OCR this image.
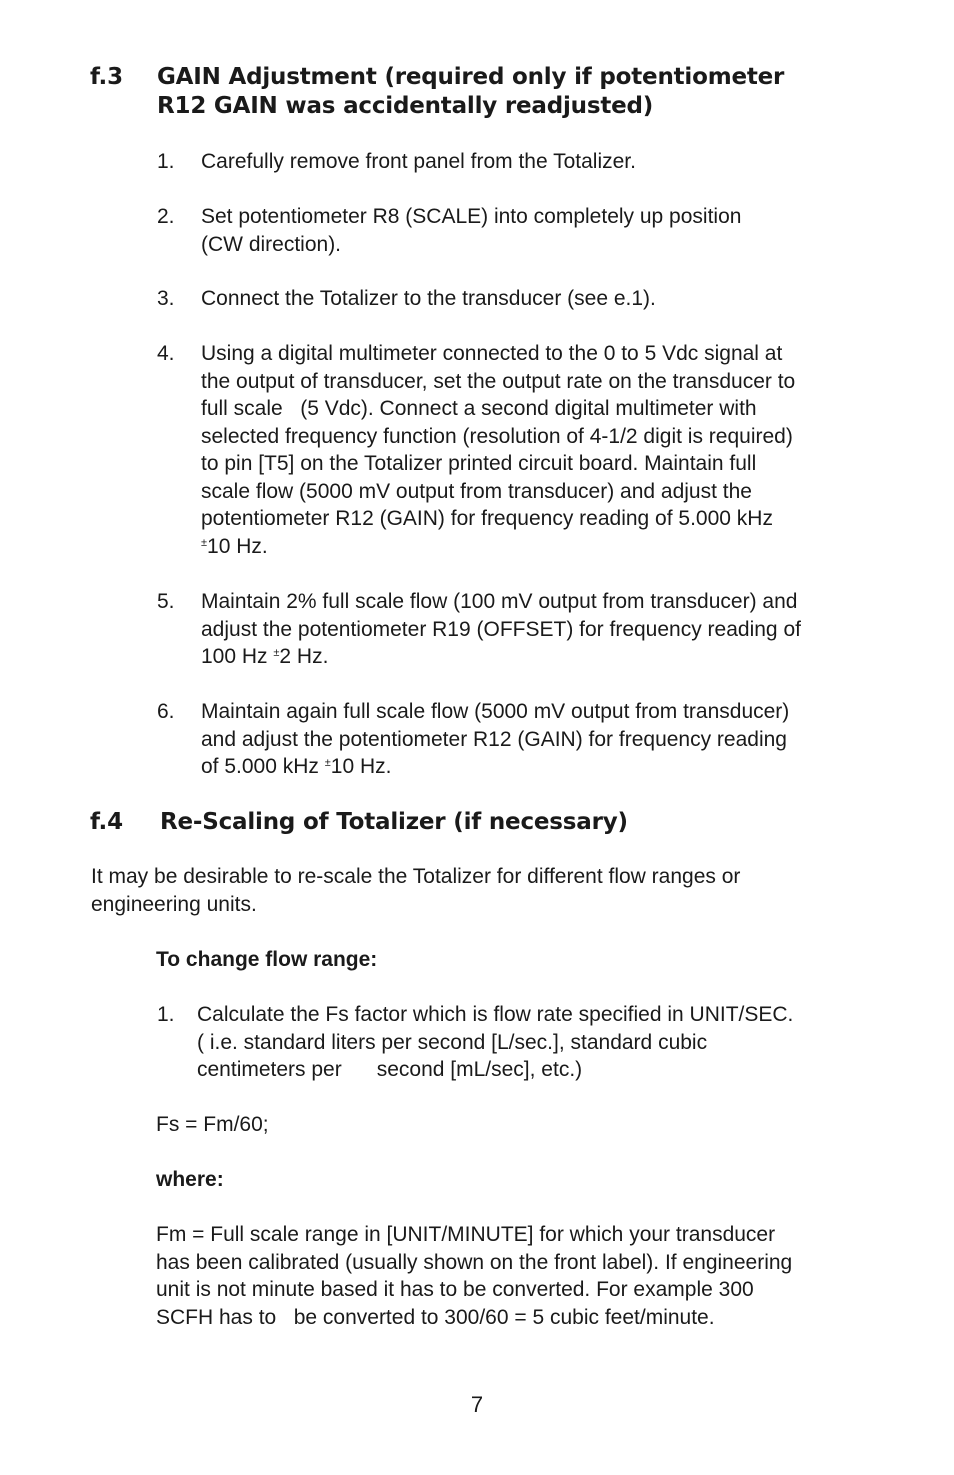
f.3 GAIN Adjustment (required only if potentiometer
R12 GAIN was accidentally readjusted)
1. Carefully remove front panel from the Totalizer.
2. Set potentiometer R8 (SCALE) into completely up position
(CW direction).
3. Connect the Totalizer to the transducer (see e.1).
4. Using a digital multimeter connected to the 0 to 5 Vdc signal at
the output of transducer, set the output rate on the transducer to
full scale   (5 Vdc). Connect a second digital multimeter with
selected frequency function (resolution of 4-1/2 digit is required)
to pin [T5] on the Totalizer printed circuit board. Maintain full
scale flow (5000 mV output from transducer) and adjust the
potentiometer R12 (GAIN) for frequency reading of 5.000 kHz
±10 Hz.
5. Maintain 2% full scale flow (100 mV output from transducer) and
adjust the potentiometer R19 (OFFSET) for frequency reading of
100 Hz ±2 Hz.
6. Maintain again full scale flow (5000 mV output from transducer)
and adjust the potentiometer R12 (GAIN) for frequency reading
of 5.000 kHz ±10 Hz.
f.4 Re-Scaling of Totalizer (if necessary)
It may be desirable to re-scale the Totalizer for different flow ranges or
engineering units.
To change flow range:
1. Calculate the Fs factor which is flow rate specified in UNIT/SEC.
( i.e. standard liters per second [L/sec.], standard cubic
centimeters per      second [mL/sec], etc.)
Fs = Fm/60;
where:
Fm = Full scale range in [UNIT/MINUTE] for which your transducer
has been calibrated (usually shown on the front label). If engineering
unit is not minute based it has to be converted. For example 300
SCFH has to   be converted to 300/60 = 5 cubic feet/minute.
7
